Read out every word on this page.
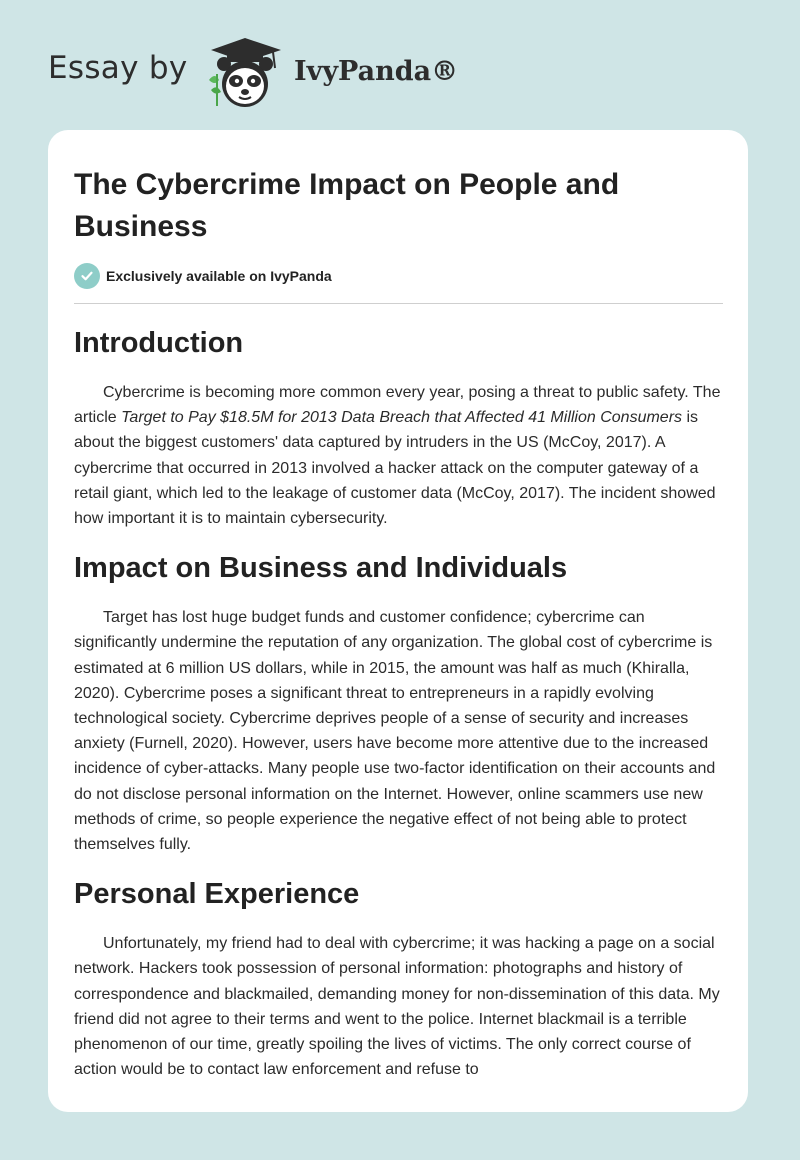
Essay by	IvyPanda®
The Cybercrime Impact on People and Business
Exclusively available on IvyPanda
Introduction

Cybercrime is becoming more common every year, posing a threat to public safety. The article Target to Pay $18.5M for 2013 Data Breach that Affected 41 Million Consumers is about the biggest customers' data captured by intruders in the US (McCoy, 2017). A cybercrime that occurred in 2013 involved a hacker attack on the computer gateway of a retail giant, which led to the leakage of customer data (McCoy, 2017). The incident showed how important it is to maintain cybersecurity.

Impact on Business and Individuals

Target has lost huge budget funds and customer confidence; cybercrime can significantly undermine the reputation of any organization. The global cost of cybercrime is estimated at 6 million US dollars, while in 2015, the amount was half as much (Khiralla, 2020). Cybercrime poses a significant threat to entrepreneurs in a rapidly evolving technological society. Cybercrime deprives people of a sense of security and increases anxiety (Furnell, 2020). However, users have become more attentive due to the increased incidence of cyber-attacks. Many people use two-factor identification on their accounts and do not disclose personal information on the Internet. However, online scammers use new methods of crime, so people experience the negative effect of not being able to protect themselves fully.

Personal Experience

Unfortunately, my friend had to deal with cybercrime; it was hacking a page on a social network. Hackers took possession of personal information: photographs and history of correspondence and blackmailed, demanding money for non-dissemination of this data. My friend did not agree to their terms and went to the police. Internet blackmail is a terrible phenomenon of our time, greatly spoiling the lives of victims. The only correct course of action would be to contact law enforcement and refuse to
